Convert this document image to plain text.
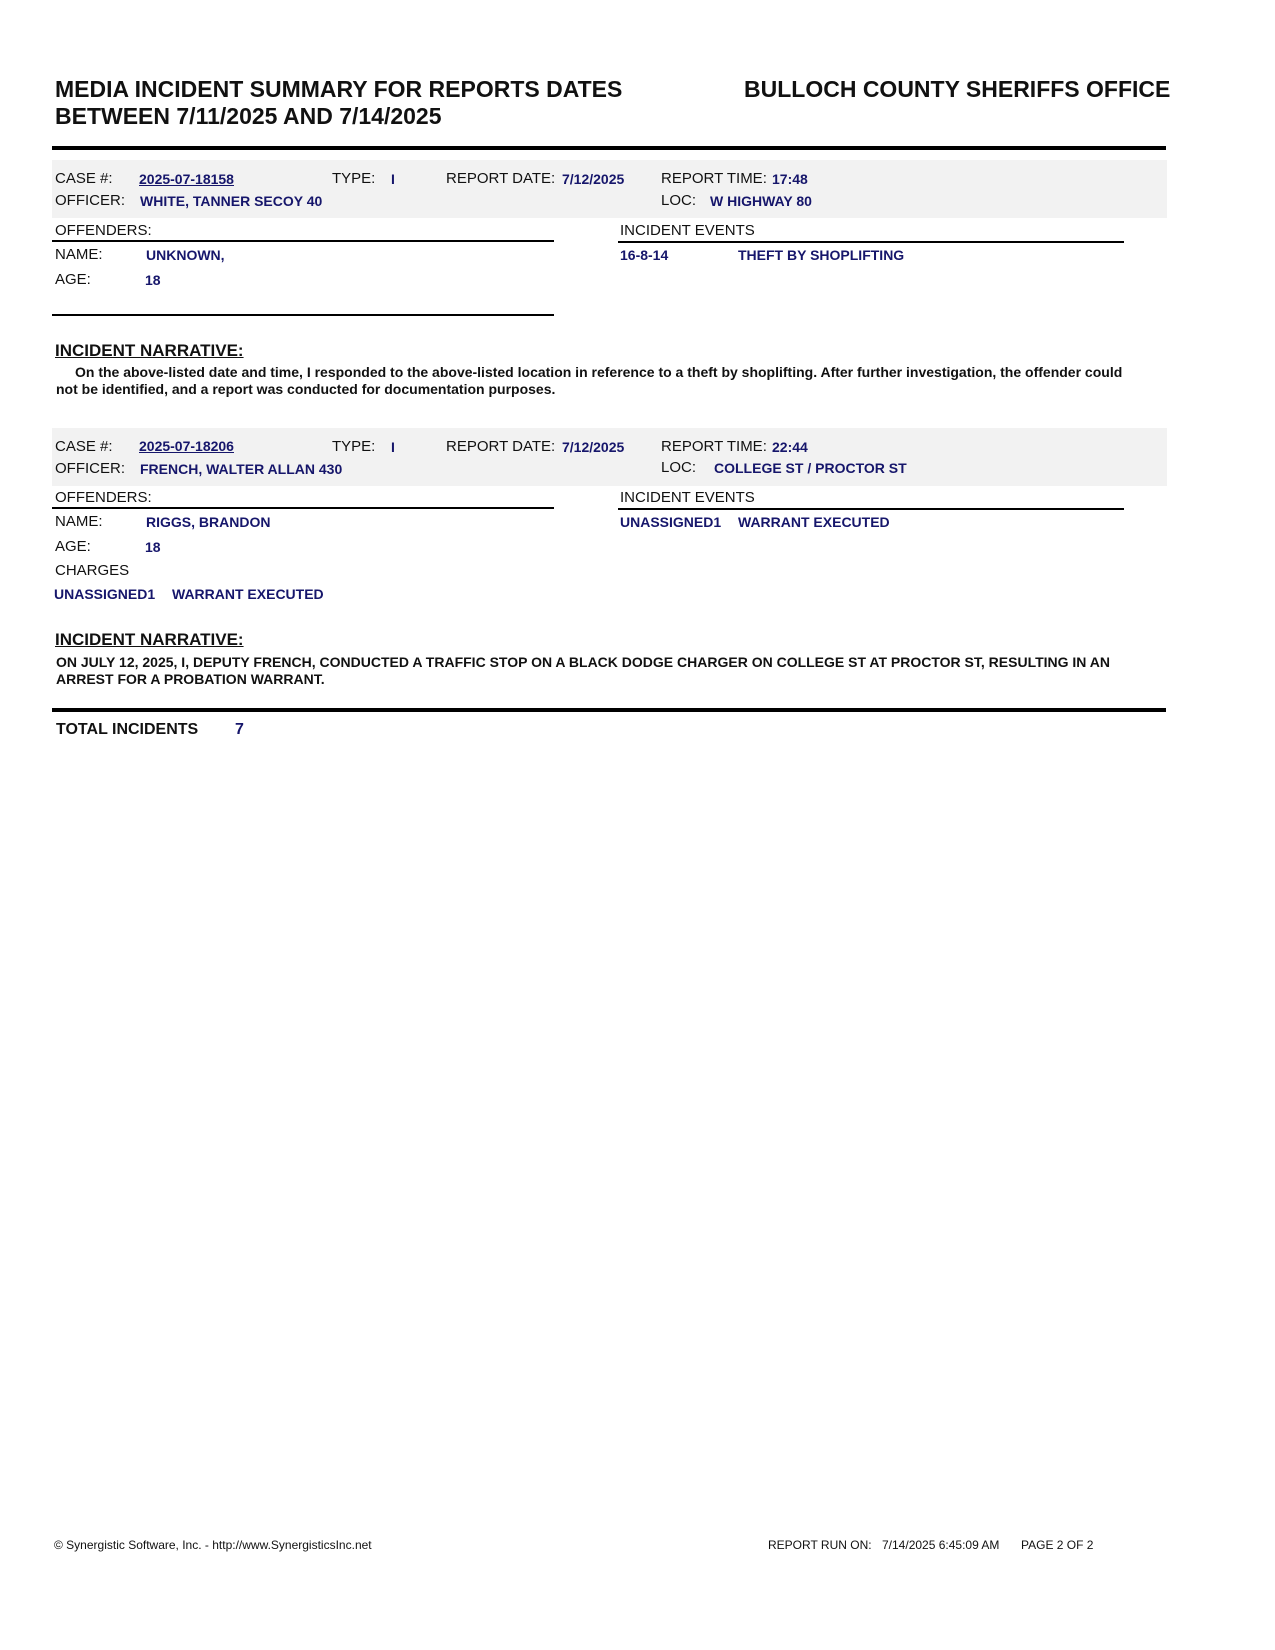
MEDIA INCIDENT SUMMARY FOR REPORTS DATES BETWEEN 7/11/2025 AND 7/14/2025
BULLOCH COUNTY SHERIFFS OFFICE
CASE #: 2025-07-18158	TYPE: I	REPORT DATE: 7/12/2025 REPORT TIME: 17:48
OFFICER: WHITE, TANNER SECOY 40	LOC: W HIGHWAY 80
OFFENDERS:	INCIDENT EVENTS
NAME:	UNKNOWN,	16-8-14	THEFT BY SHOPLIFTING
AGE:	18
INCIDENT NARRATIVE:
On the above-listed date and time, I responded to the above-listed location in reference to a theft by shoplifting. After further investigation, the offender could not be identified, and a report was conducted for documentation purposes.
CASE #: 2025-07-18206	TYPE: I	REPORT DATE: 7/12/2025 REPORT TIME: 22:44
OFFICER: FRENCH, WALTER ALLAN 430	LOC: COLLEGE ST / PROCTOR ST
OFFENDERS:	INCIDENT EVENTS
NAME:	RIGGS, BRANDON	UNASSIGNED1 WARRANT EXECUTED
AGE:	18
CHARGES
UNASSIGNED1 WARRANT EXECUTED
INCIDENT NARRATIVE:
ON JULY 12, 2025, I, DEPUTY FRENCH, CONDUCTED A TRAFFIC STOP ON A BLACK DODGE CHARGER ON COLLEGE ST AT PROCTOR ST, RESULTING IN AN ARREST FOR A PROBATION WARRANT.
TOTAL INCIDENTS 7
© Synergistic Software, Inc. - http://www.SynergisticsInc.net	REPORT RUN ON: 7/14/2025 6:45:09 AM PAGE 2 OF 2
